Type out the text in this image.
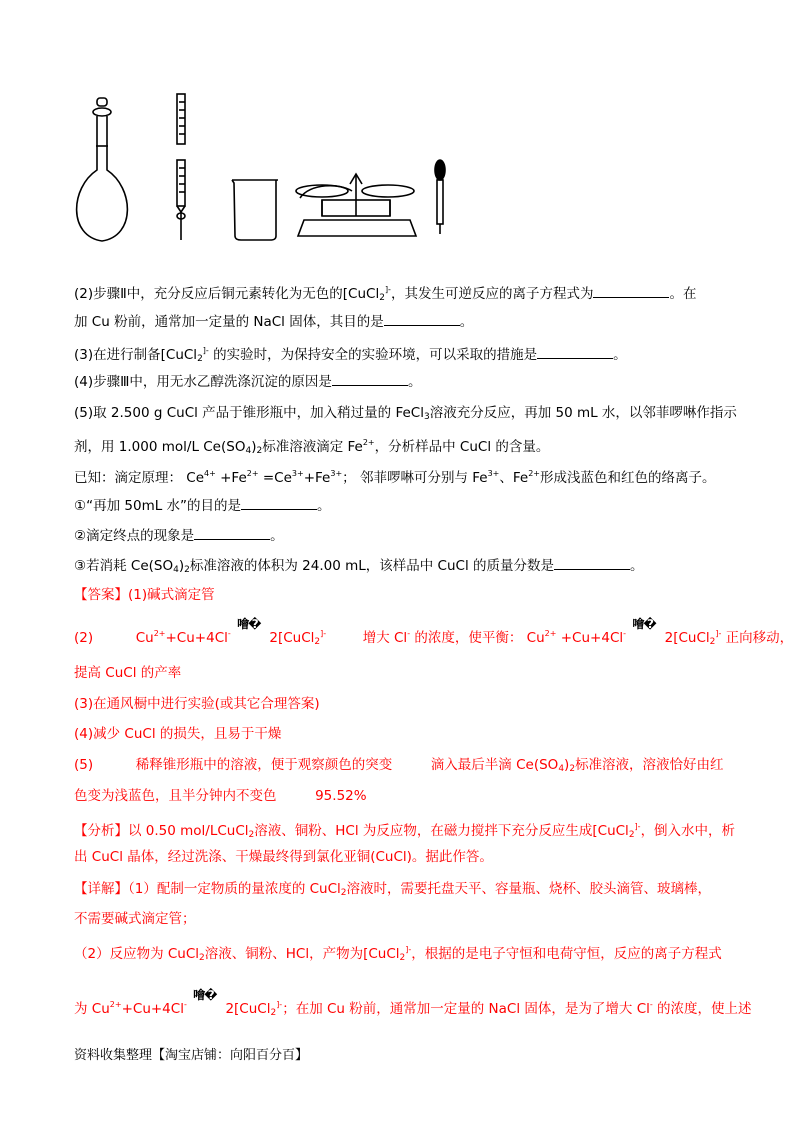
(2)步骤Ⅱ中，充分反应后铜元素转化为无色的[CuCl$_2$]-，其发生可逆反应的离子方程式为	。在
加 Cu 粉前，通常加一定量的 NaCl 固体，其目的是	。
(3)在进行制备[CuCl$_2$]- 的实验时，为保持安全的实验环境，可以采取的措施是	。
(4)步骤Ⅲ中，用无水乙醇洗涤沉淀的原因是	。
(5)取 2.500 g CuCl 产品于锥形瓶中，加入稍过量的 FeCl$_3$溶液充分反应，再加 50 mL 水，以邻菲啰啉作指示
剂，用 1.000 mol/L $Ce(SO_4)_2$标准溶液滴定 $Fe^{2+}$，分析样品中 CuCl 的含量。
已知：滴定原理： $Ce^{4+} +Fe^{2+} =Ce^{3+}+Fe^{3+}$； 邻菲啰啉可分别与 $Fe^{3+}$、$Fe^{2+}$形成浅蓝色和红色的络离子。
①“再加 50mL 水”的目的是	。
②滴定终点的现象是	。
③若消耗 $Ce(SO_4)_2$标准溶液的体积为 24.00 mL，该样品中 CuCl 的质量分数是	。
【答案】(1)碱式滴定管
(2)	$Cu^{2+}+Cu+4Cl^-$
噲�
2[CuCl$_2$]-	增大 Cl- 的浓度，使平衡： $Cu^{2+} +Cu+4Cl^-$
噲�
2[CuCl$_2$]- 正向移动，
提高 CuCl 的产率
(3)在通风橱中进行实验(或其它合理答案)
(4)减少 CuCl 的损失，且易于干燥
(5)	稀释锥形瓶中的溶液，便于观察颜色的突变	滴入最后半滴 $Ce(SO_4)_2$标准溶液，溶液恰好由红
色变为浅蓝色，且半分钟内不变色	95.52%
【分析】以 0.50 mol/LCuCl$_2$溶液、铜粉、HCl 为反应物，在磁力搅拌下充分反应生成[CuCl$_2$]-，倒入水中，析
出 CuCl 晶体，经过洗涤、干燥最终得到氯化亚铜(CuCl)。据此作答。
【详解】（1）配制一定物质的量浓度的 CuCl$_2$溶液时，需要托盘天平、容量瓶、烧杯、胶头滴管、玻璃棒，
不需要碱式滴定管；
（2）反应物为 CuCl$_2$溶液、铜粉、HCl，产物为[CuCl$_2$]-，根据的是电子守恒和电荷守恒，反应的离子方程式
为 $Cu^{2+}+Cu+4Cl^-$
噲�
2[CuCl$_2$]-；在加 Cu 粉前，通常加一定量的 NaCl 固体，是为了增大 Cl- 的浓度，使上述
资料收集整理【淘宝店铺：向阳百分百】
